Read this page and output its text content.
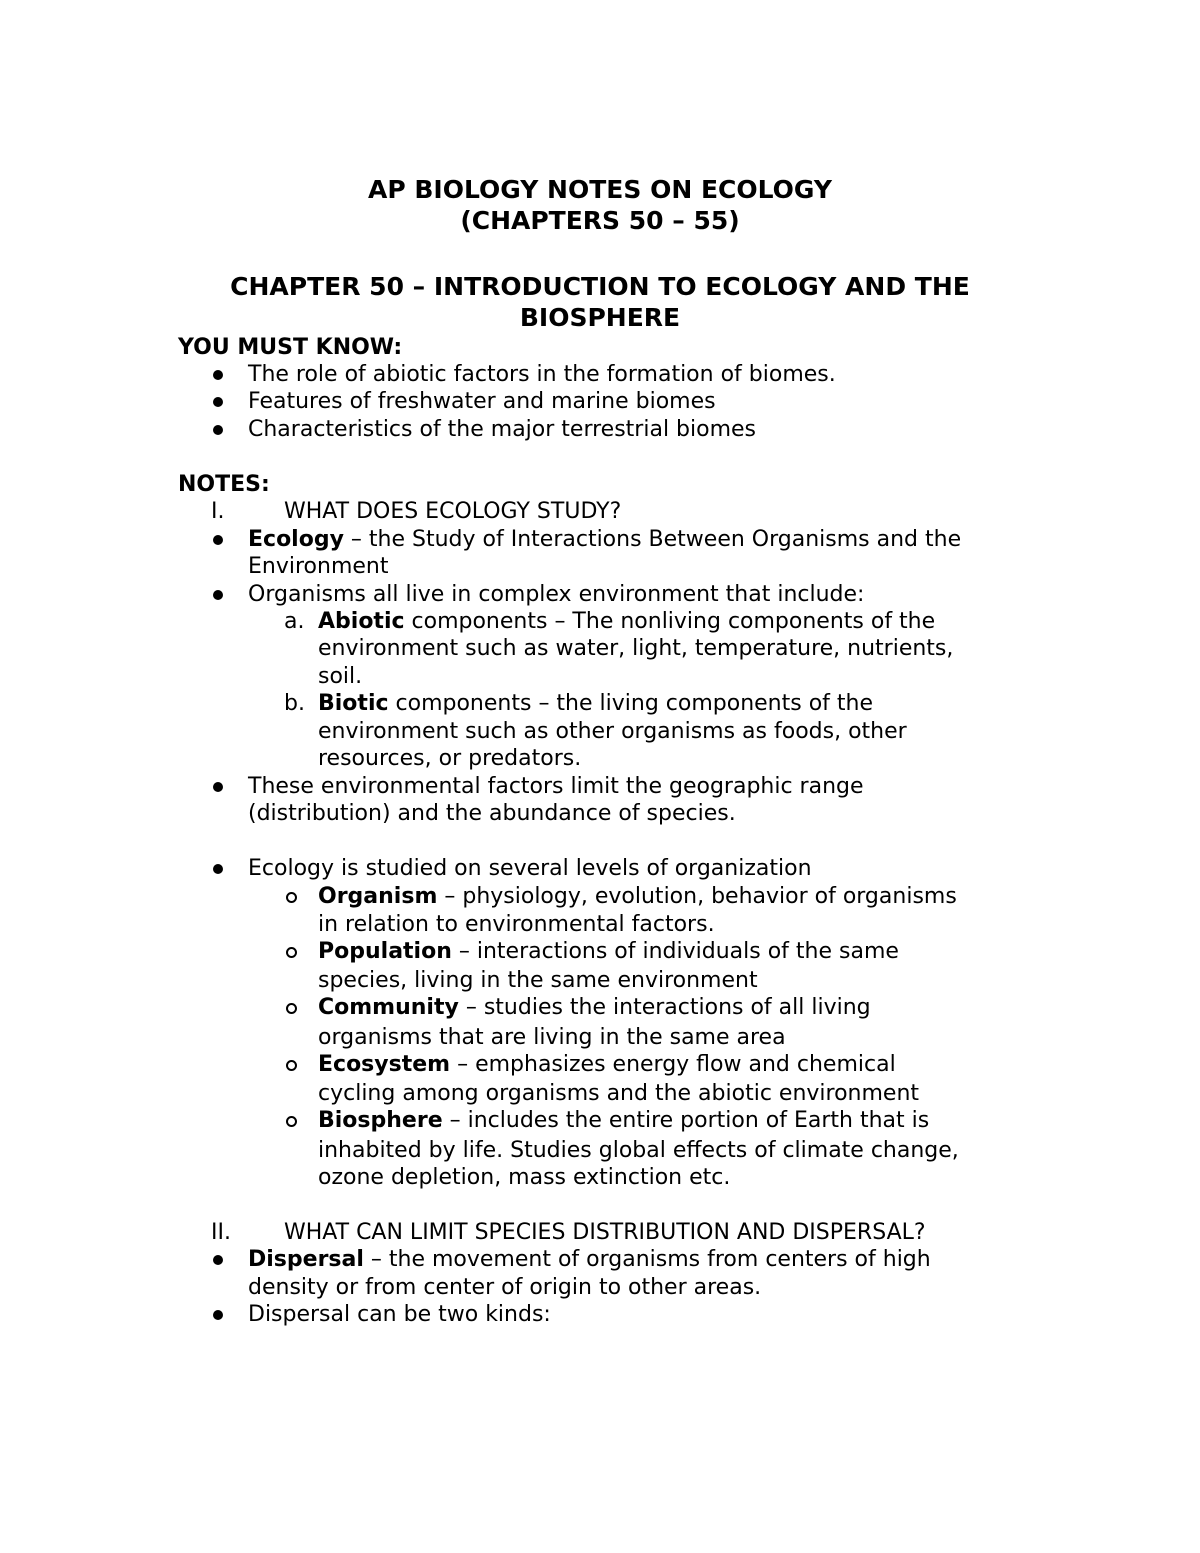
AP BIOLOGY NOTES ON ECOLOGY
(CHAPTERS 50 – 55)
CHAPTER 50 – INTRODUCTION TO ECOLOGY AND THE
BIOSPHERE
YOU MUST KNOW:
The role of abiotic factors in the formation of biomes.
Features of freshwater and marine biomes
Characteristics of the major terrestrial biomes
NOTES:
I.	WHAT DOES ECOLOGY STUDY?
Ecology – the Study of Interactions Between Organisms and the
Environment
Organisms all live in complex environment that include:
a. Abiotic components – The nonliving components of the
environment such as water, light, temperature, nutrients,
soil.
b. Biotic components – the living components of the
environment such as other organisms as foods, other
resources, or predators.
These environmental factors limit the geographic range
(distribution) and the abundance of species.
Ecology is studied on several levels of organization
Organism – physiology, evolution, behavior of organisms
in relation to environmental factors.
Population – interactions of individuals of the same
species, living in the same environment
Community – studies the interactions of all living
organisms that are living in the same area
Ecosystem – emphasizes energy flow and chemical
cycling among organisms and the abiotic environment
Biosphere – includes the entire portion of Earth that is
inhabited by life. Studies global effects of climate change,
ozone depletion, mass extinction etc.
II. WHAT CAN LIMIT SPECIES DISTRIBUTION AND DISPERSAL?
Dispersal – the movement of organisms from centers of high
density or from center of origin to other areas.
Dispersal can be two kinds:
